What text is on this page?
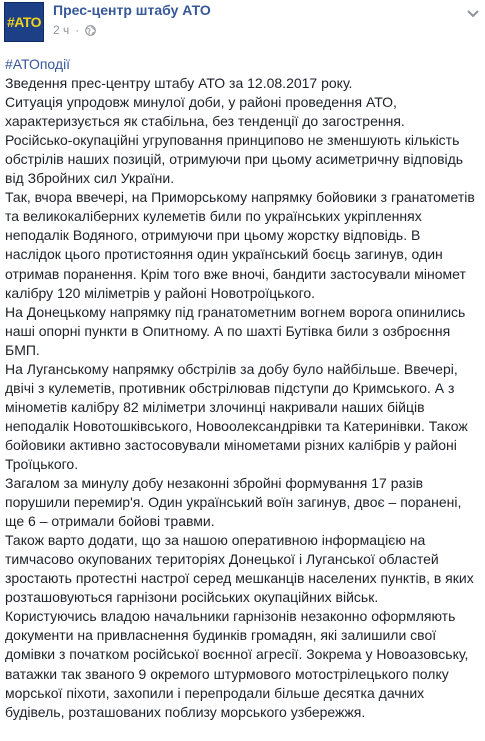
#ATO
Прес-центр штабу АТО
2 ч ·
#АТОподії

Зведення прес-центру штабу АТО за 12.08.2017 року.

Ситуація упродовж минулої доби, у районі проведення АТО, характеризується як стабільна, без тенденції до загострення.

Російсько-окупаційні угруповання принципово не зменшують кількість обстрілів наших позицій, отримуючи при цьому асиметричну відповідь від Збройних сил України.

Так, вчора ввечері, на Приморському напрямку бойовики з гранатометів та великокаліберних кулеметів били по українських укріпленнях неподалік Водяного, отримуючи при цьому жорстку відповідь. В наслідок цього протистояння один український боєць загинув, один отримав поранення. Крім того вже вночі, бандити застосували міномет калібру 120 міліметрів у районі Новотроїцького.

На Донецькому напрямку під гранатометним вогнем ворога опинились наші опорні пункти в Опитному. А по шахті Бутівка били з озброєння БМП.

На Луганському напрямку обстрілів за добу було найбільше. Ввечері, двічі з кулеметів, противник обстрілював підступи до Кримського. А з мінометів калібру 82 міліметри злочинці накривали наших бійців неподалік Новотошківського, Новоолександрівки та Катеринівки. Також бойовики активно застосовували мінометами різних калібрів у районі Троїцького.

Загалом за минулу добу незаконні збройні формування 17 разів порушили перемир'я. Один український воїн загинув, двоє – поранені, ще 6 – отримали бойові травми.

Також варто додати, що за нашою оперативною інформацією на тимчасово окупованих територіях Донецької і Луганської областей зростають протестні настрої серед мешканців населених пунктів, в яких розташовуються гарнізони російських окупаційних військ.

Користуючись владою начальники гарнізонів незаконно оформляють документи на привласнення будинків громадян, які залишили свої домівки з початком російської воєнної агресії. Зокрема у Новоазовську, ватажки так званого 9 окремого штурмового мотострілецького полку морської піхоти, захопили і перепродали більше десятка дачних будівель, розташованих поблизу морського узбережжя.
